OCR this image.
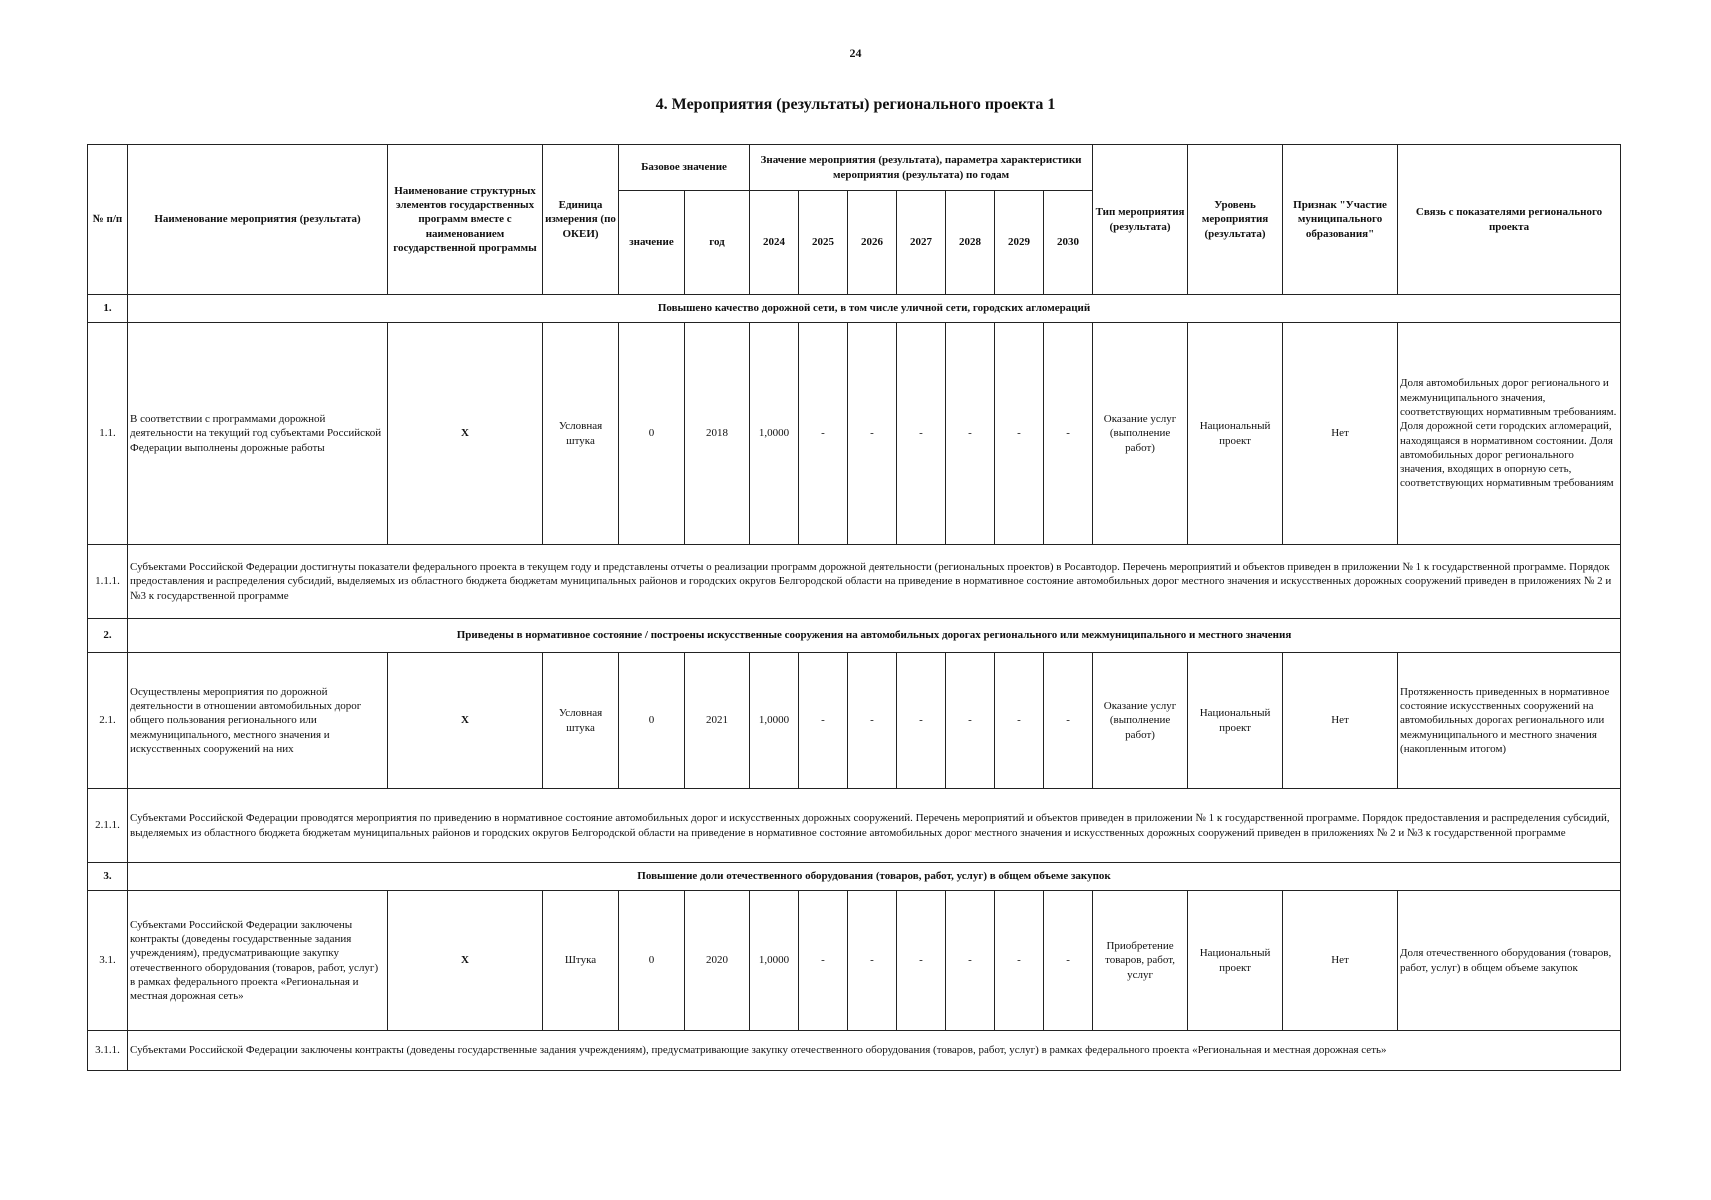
24
4. Мероприятия (результаты) регионального проекта 1
№ п/п	Наименование мероприятия (результата)	Наименование структурных элементов государственных программ вместе с наименованием государственной программы	Единица измерения (по ОКЕИ)	Базовое значение		Значение мероприятия (результата), параметра характеристики мероприятия (результата) по годам							Тип мероприятия (результата)	Уровень мероприятия (результата)	Признак "Участие муниципального образования"	Связь с показателями регионального проекта
				значение	год	2024	2025	2026	2027	2028	2029	2030				
1.	Повышено качество дорожной сети, в том числе уличной сети, городских агломераций															
1.1.	В соответствии с программами дорожной деятельности на текущий год субъектами Российской Федерации выполнены дорожные работы	X	Условная штука	0	2018	1,0000	-	-	-	-	-	-	Оказание услуг (выполнение работ)	Национальный проект	Нет	Доля автомобильных дорог регионального и межмуниципального значения, соответствующих нормативным требованиям. Доля дорожной сети городских агломераций, находящаяся в нормативном состоянии. Доля автомобильных дорог регионального значения, входящих в опорную сеть, соответствующих нормативным требованиям
1.1.1.	Субъектами Российской Федерации достигнуты показатели федерального проекта в текущем году и представлены отчеты о реализации программ дорожной деятельности (региональных проектов) в Росавтодор. Перечень мероприятий и объектов приведен в приложении № 1 к государственной программе. Порядок предоставления и распределения субсидий, выделяемых из областного бюджета бюджетам муниципальных районов и городских округов Белгородской области на приведение в нормативное состояние автомобильных дорог местного значения и искусственных дорожных сооружений приведен в приложениях № 2 и №3 к государственной программе															
2.	Приведены в нормативное состояние / построены искусственные сооружения на автомобильных дорогах регионального или межмуниципального и местного значения															
2.1.	Осуществлены мероприятия по дорожной деятельности в отношении автомобильных дорог общего пользования регионального или межмуниципального, местного значения и искусственных сооружений на них	X	Условная штука	0	2021	1,0000	-	-	-	-	-	-	Оказание услуг (выполнение работ)	Национальный проект	Нет	Протяженность приведенных в нормативное состояние искусственных сооружений на автомобильных дорогах регионального или межмуниципального и местного значения (накопленным итогом)
2.1.1.	Субъектами Российской Федерации проводятся мероприятия по приведению в нормативное состояние автомобильных дорог и искусственных дорожных сооружений. Перечень мероприятий и объектов приведен в приложении № 1 к государственной программе. Порядок предоставления и распределения субсидий, выделяемых из областного бюджета бюджетам муниципальных районов и городских округов Белгородской области на приведение в нормативное состояние автомобильных дорог местного значения и искусственных дорожных сооружений приведен в приложениях № 2 и №3 к государственной программе															
3.	Повышение доли отечественного оборудования (товаров, работ, услуг) в общем объеме закупок															
3.1.	Субъектами Российской Федерации заключены контракты (доведены государственные задания учреждениям), предусматривающие закупку отечественного оборудования (товаров, работ, услуг) в рамках федерального проекта «Региональная и местная дорожная сеть»	X	Штука	0	2020	1,0000	-	-	-	-	-	-	Приобретение товаров, работ, услуг	Национальный проект	Нет	Доля отечественного оборудования (товаров, работ, услуг) в общем объеме закупок
3.1.1.	Субъектами Российской Федерации заключены контракты (доведены государственные задания учреждениям), предусматривающие закупку отечественного оборудования (товаров, работ, услуг) в рамках федерального проекта «Региональная и местная дорожная сеть»															
